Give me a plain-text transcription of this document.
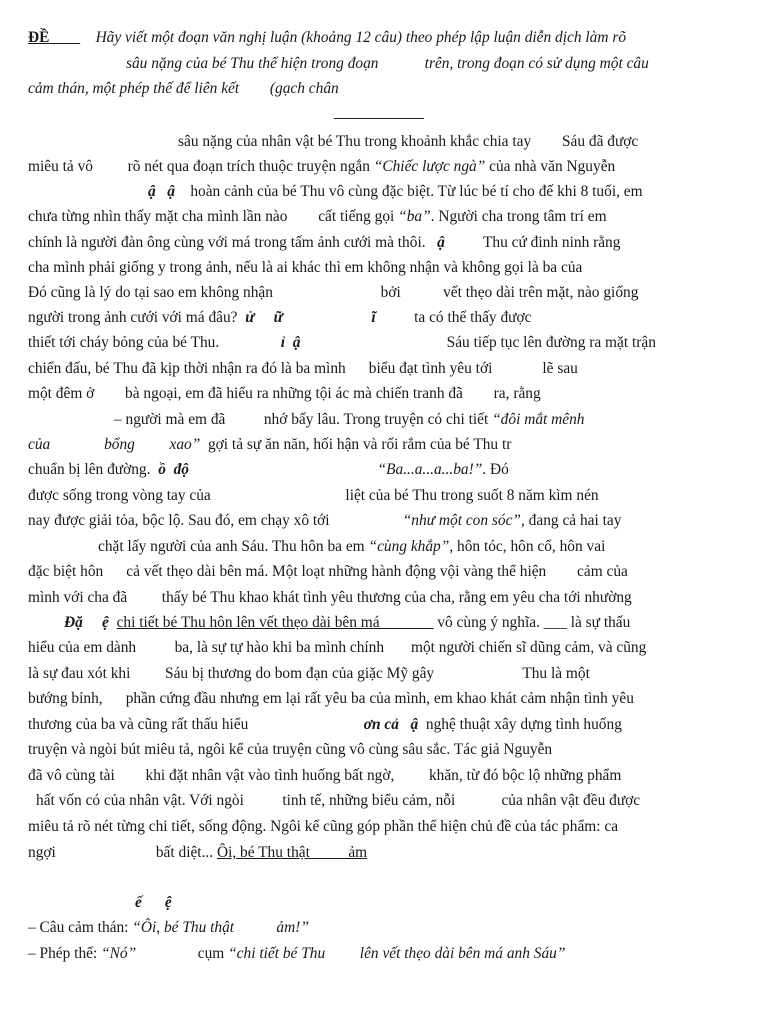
ĐỀ            Hãy viết một đoạn văn nghị luận (khoảng 12 câu) theo phép lập luận diễn dịch làm rõ
sâu nặng của bé Thu thể hiện trong đoạn            trên, trong đoạn có sử dụng một câu
cảm thán, một phép thế để liên kết        (gạch chân
sâu nặng của nhân vật bé Thu trong khoảnh khắc chia tay        Sáu đã được
miêu tả vô         rõ nét qua đoạn trích thuộc truyện ngắn “Chiếc lược ngà” của nhà văn Nguyễn
ậ   ậ    hoàn cảnh của bé Thu vô cùng đặc biệt. Từ lúc bé tí cho đế khi 8 tuổi, em
chưa từng nhìn thấy mặt cha mình lần nào        cất tiếng gọi “ba”. Người cha trong tâm trí em
chính là người đàn ông cùng với má trong tấm ảnh cưới mà thôi.   ậ          Thu cứ đinh ninh rằng
cha mình phải giống y trong ảnh, nếu là ai khác thì em không nhận và không gọi là ba của
Đó cũng là lý do tại sao em không nhận                            bởi           vết thẹo dài trên mặt, nào giống
người trong ảnh cưới với má đâu?  ử     ữ	ĩ          ta có thể thấy được
thiết tới cháy bỏng của bé Thu.                ỉ  ậ                                      Sáu tiếp tục lên đường ra mặt trận
chiến đấu, bé Thu đã kịp thời nhận ra đó là ba mình      biểu đạt tình yêu tới             lẽ sau
một đêm ở        bà ngoại, em đã hiểu ra những tội ác mà chiến tranh đã        ra, rằng
– người mà em đã          nhớ bấy lâu. Trong truyện có chi tiết “đôi mắt mênh
của              bổng         xao”  gợi tả sự ăn năn, hối hận và rối rắm của bé Thu tr
chuẩn bị lên đường.  ồ  độ	“Ba...a...a...ba!”. Đó
được sống trong vòng tay của                                   liệt của bé Thu trong suốt 8 năm kìm nén
nay được giải tỏa, bộc lộ. Sau đó, em chạy xô tới                   “như một con sóc”, đang cả hai tay
chặt lấy người của anh Sáu. Thu hôn ba em “cùng khắp”, hôn tóc, hôn cổ, hôn vai
đặc biệt hôn      cả vết thẹo dài bên má. Một loạt những hành động vội vàng thể hiện        cảm của
mình với cha đã         thấy bé Thu khao khát tình yêu thương của cha, rằng em yêu cha tới nhường
Đặ     ệ chi tiết bé Thu hôn lên vết thẹo dài bên má               vô cùng ý nghĩa. ___ là sự thấu
hiểu của em dành          ba, là sự tự hào khi ba mình chính       một người chiến sĩ dũng cảm, và cũng
là sự đau xót khi         Sáu bị thương do bom đạn của giặc Mỹ gây                       Thu là một
bướng bỉnh,      phần cứng đầu nhưng em lại rất yêu ba của mình, em khao khát cảm nhận tình yêu
thương của ba và cũng rất thấu hiểu                              ơn cả   ậ  nghệ thuật xây dựng tình huống
truyện và ngòi bút miêu tả, ngôi kể của truyện cũng vô cùng sâu sắc. Tác giả Nguyễn
đã vô cùng tài        khi đặt nhân vật vào tình huống bất ngờ,         khăn, từ đó bộc lộ những phẩm
hất vốn có của nhân vật. Với ngòi          tinh tế, những biểu cảm, nỗi            của nhân vật đều được
miêu tả rõ nét từng chi tiết, sống động. Ngôi kể cũng góp phần thể hiện chủ đề của tác phẩm: ca
ngợi                          bất diệt... Ôi, bé Thu thật          ảm
ế      ệ
– Câu cảm thán: “Ôi, bé Thu thật           ảm!”
– Phép thế: “Nó”                cụm “chi tiết bé Thu         lên vết thẹo dài bên má anh Sáu”
